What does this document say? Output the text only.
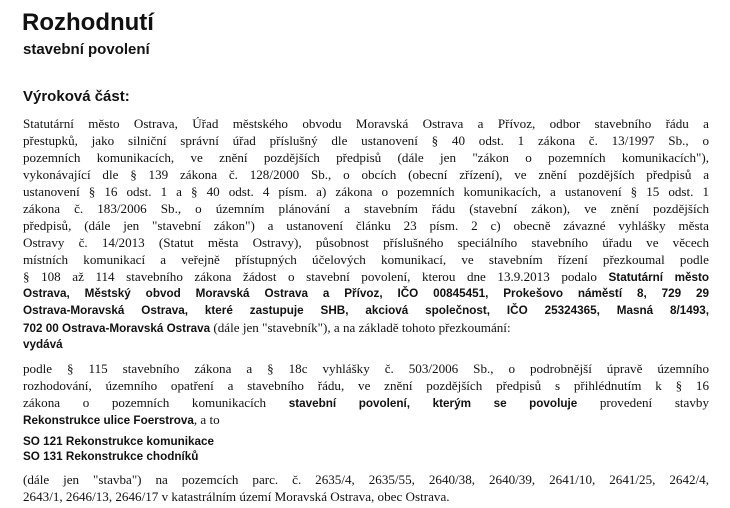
Rozhodnutí
stavební povolení
Výroková část:
Statutární město Ostrava, Úřad městského obvodu Moravská Ostrava a Přívoz, odbor stavebního řádu a
přestupků, jako silniční správní úřad příslušný dle ustanovení § 40 odst. 1 zákona č. 13/1997 Sb., o
pozemních komunikacích, ve znění pozdějších předpisů (dále jen "zákon o pozemních komunikacích"),
vykonávající dle § 139 zákona č. 128/2000 Sb., o obcích (obecní zřízení), ve znění pozdějších předpisů a
ustanovení § 16 odst. 1 a § 40 odst. 4 písm. a) zákona o pozemních komunikacích, a ustanovení § 15 odst. 1
zákona č. 183/2006 Sb., o územním plánování a stavebním řádu (stavební zákon), ve znění pozdějších
předpisů, (dále jen "stavební zákon") a ustanovení článku 23 písm. 2 c) obecně závazné vyhlášky města
Ostravy č. 14/2013 (Statut města Ostravy), působnost příslušného speciálního stavebního úřadu ve věcech
místních komunikací a veřejně přístupných účelových komunikací, ve stavebním řízení přezkoumal podle
§ 108 až 114 stavebního zákona žádost o stavební povolení, kterou dne 13.9.2013 podalo Statutární město
Ostrava, Městský obvod Moravská Ostrava a Přívoz, IČO 00845451, Prokešovo náměstí 8, 729 29
Ostrava-Moravská Ostrava, které zastupuje SHB, akciová společnost, IČO 25324365, Masná 8/1493,
702 00 Ostrava-Moravská Ostrava (dále jen "stavebník"), a na základě tohoto přezkoumání:
vydává
podle § 115 stavebního zákona a § 18c vyhlášky č. 503/2006 Sb., o podrobnější úpravě územního
rozhodování, územního opatření a stavebního řádu, ve znění pozdějších předpisů s přihlédnutím k § 16
zákona o pozemních komunikacích stavební povolení, kterým se povoluje provedení stavby
Rekonstrukce ulice Foerstrova, a to
SO 121 Rekonstrukce komunikace
SO 131 Rekonstrukce chodníků
(dále jen "stavba") na pozemcích parc. č. 2635/4, 2635/55, 2640/38, 2640/39, 2641/10, 2641/25, 2642/4,
2643/1, 2646/13, 2646/17 v katastrálním území Moravská Ostrava, obec Ostrava.
